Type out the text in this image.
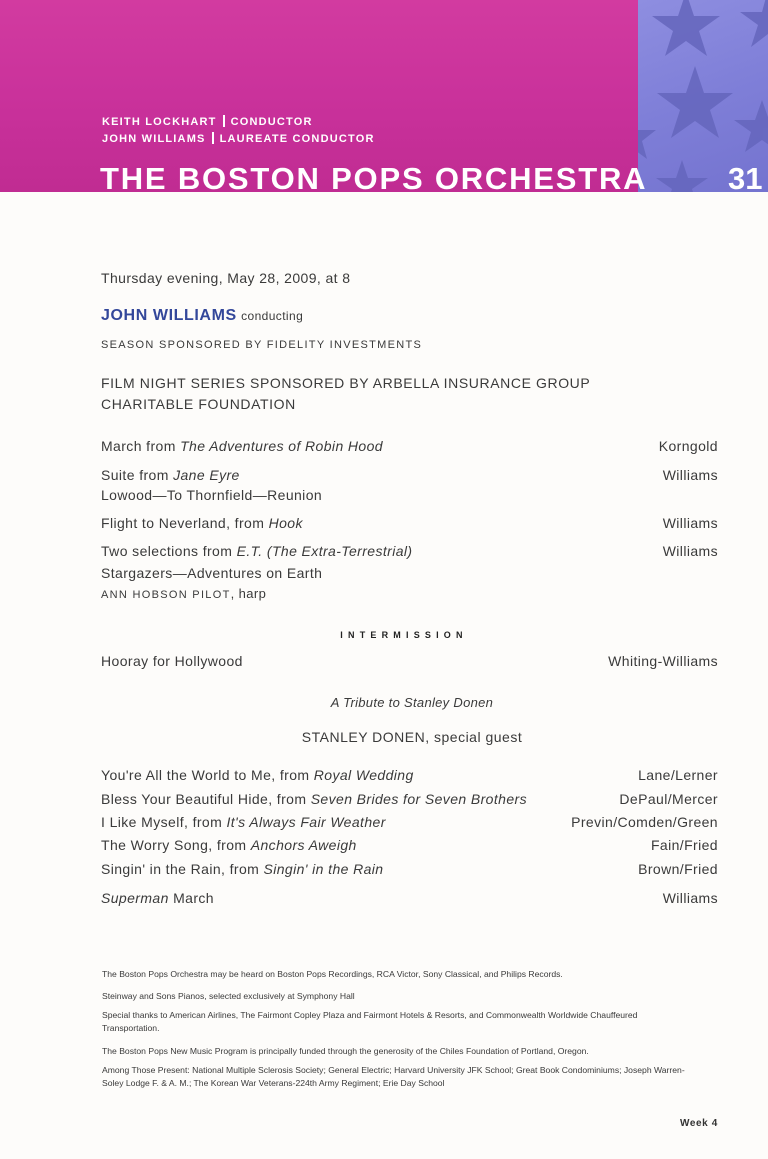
KEITH LOCKHART CONDUCTOR
JOHN WILLIAMS LAUREATE CONDUCTOR
THE BOSTON POPS ORCHESTRA	31
Thursday evening, May 28, 2009, at 8
JOHN WILLIAMS conducting
SEASON SPONSORED BY FIDELITY INVESTMENTS
FILM NIGHT SERIES SPONSORED BY ARBELLA INSURANCE GROUP
CHARITABLE FOUNDATION
March from The Adventures of Robin Hood	Korngold
Suite from Jane Eyre	Williams
Lowood—To Thornfield—Reunion
Flight to Neverland, from Hook	Williams
Two selections from E.T. (The Extra-Terrestrial)	Williams
Stargazers—Adventures on Earth
ANN HOBSON PILOT, harp
INTERMISSION
Hooray for Hollywood	Whiting-Williams
A Tribute to Stanley Donen
STANLEY DONEN, special guest
You're All the World to Me, from Royal Wedding	Lane/Lerner
Bless Your Beautiful Hide, from Seven Brides for Seven Brothers	DePaul/Mercer
I Like Myself, from It's Always Fair Weather	Previn/Comden/Green
The Worry Song, from Anchors Aweigh	Fain/Fried
Singin' in the Rain, from Singin' in the Rain	Brown/Fried
Superman March	Williams
The Boston Pops Orchestra may be heard on Boston Pops Recordings, RCA Victor, Sony Classical, and Philips Records.
Steinway and Sons Pianos, selected exclusively at Symphony Hall
Special thanks to American Airlines, The Fairmont Copley Plaza and Fairmont Hotels & Resorts, and Commonwealth Worldwide Chauffeured Transportation.
The Boston Pops New Music Program is principally funded through the generosity of the Chiles Foundation of Portland, Oregon.
Among Those Present: National Multiple Sclerosis Society; General Electric; Harvard University JFK School; Great Book Condominiums; Joseph Warren-Soley Lodge F. & A. M.; The Korean War Veterans-224th Army Regiment; Erie Day School
Week 4
